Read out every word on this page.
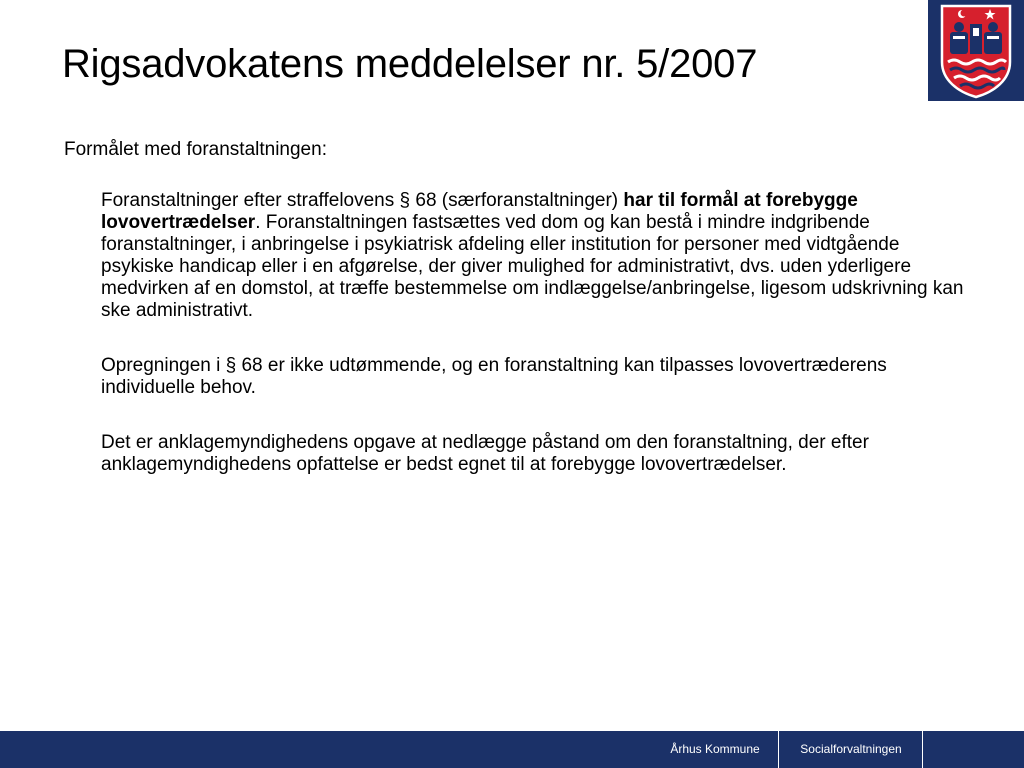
Rigsadvokatens meddelelser nr. 5/2007

Formålet med foranstaltningen:

Foranstaltninger efter straffelovens § 68 (særforanstaltninger) har til formål at forebygge lovovertrædelser. Foranstaltningen fastsættes ved dom og kan bestå i mindre indgribende foranstaltninger, i anbringelse i psykiatrisk afdeling eller institution for personer med vidtgående psykiske handicap eller i en afgørelse, der giver mulighed for administrativt, dvs. uden yderligere medvirken af en domstol, at træffe bestemmelse om indlæggelse/anbringelse, ligesom udskrivning kan ske administrativt.

Opregningen i § 68 er ikke udtømmende, og en foranstaltning kan tilpasses lovovertræderens individuelle behov.

Det er anklagemyndighedens opgave at nedlægge påstand om den foranstaltning, der efter anklagemyndighedens opfattelse er bedst egnet til at forebygge lovovertrædelser.

Århus Kommune	Socialforvaltningen
